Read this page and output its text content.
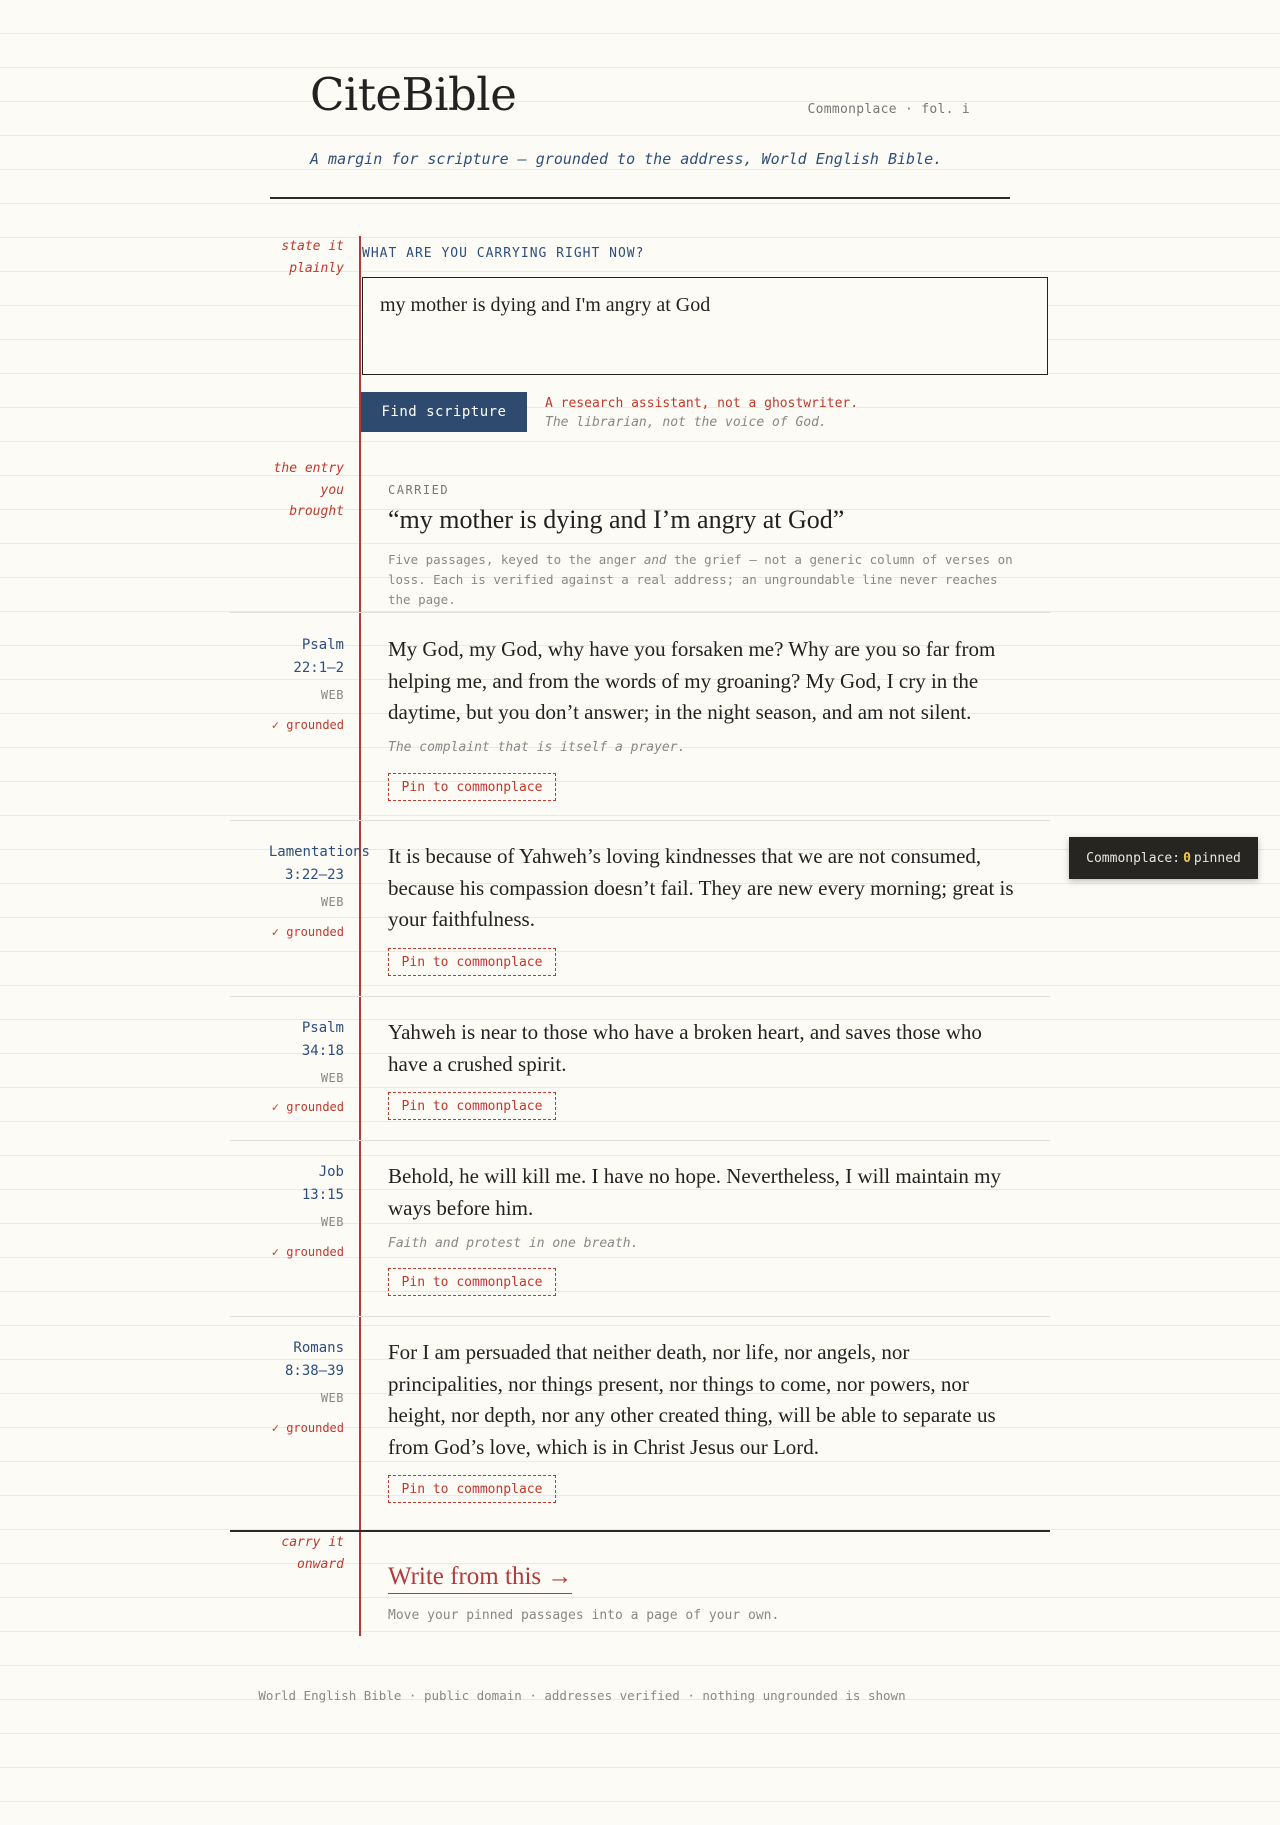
CiteBible	Commonplace · fol. i
A margin for scripture — grounded to the address, World English Bible.
state it
plainly
WHAT ARE YOU CARRYING RIGHT NOW?
my mother is dying and I'm angry at God
Find scripture
A research assistant, not a ghostwriter.
The librarian, not the voice of God.
the entry
you
brought
CARRIED
“my mother is dying and I’m angry at God”
Five passages, keyed to the anger and the grief — not a generic column of verses on loss. Each is verified against a real address; an ungroundable line never reaches the page.
Psalm
22:1–2
WEB
✓ grounded
My God, my God, why have you forsaken me? Why are you so far from helping me, and from the words of my groaning? My God, I cry in the daytime, but you don’t answer; in the night season, and am not silent.
The complaint that is itself a prayer.
Pin to commonplace
Lamentations
3:22–23
WEB
✓ grounded
It is because of Yahweh’s loving kindnesses that we are not consumed, because his compassion doesn’t fail. They are new every morning; great is your faithfulness.
Pin to commonplace
Psalm
34:18
WEB
✓ grounded
Yahweh is near to those who have a broken heart, and saves those who have a crushed spirit.
Pin to commonplace
Job
13:15
WEB
✓ grounded
Behold, he will kill me. I have no hope. Nevertheless, I will maintain my ways before him.
Faith and protest in one breath.
Pin to commonplace
Romans
8:38–39
WEB
✓ grounded
For I am persuaded that neither death, nor life, nor angels, nor principalities, nor things present, nor things to come, nor powers, nor height, nor depth, nor any other created thing, will be able to separate us from God’s love, which is in Christ Jesus our Lord.
Pin to commonplace
carry it
onward Write from this →
Move your pinned passages into a page of your own.
World English Bible · public domain · addresses verified · nothing ungrounded is shown
Commonplace: 0 pinned
